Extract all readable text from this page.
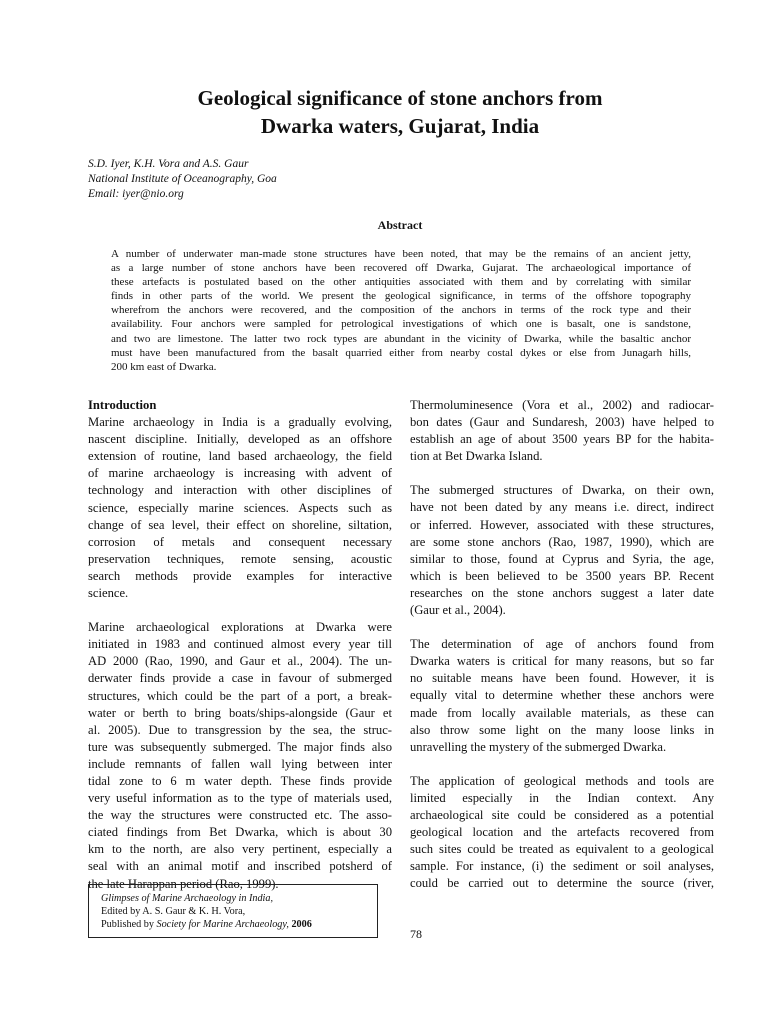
Geological significance of stone anchors from
Dwarka waters, Gujarat, India
S.D. Iyer, K.H. Vora and A.S. Gaur
National Institute of Oceanography, Goa
Email: iyer@nio.org
Abstract
A number of underwater man-made stone structures have been noted, that may be the remains of an ancient jetty,
as a large number of stone anchors have been recovered off Dwarka, Gujarat. The archaeological importance of
these artefacts is postulated based on the other antiquities associated with them and by correlating with similar
finds in other parts of the world. We present the geological significance, in terms of the offshore topography
wherefrom the anchors were recovered, and the composition of the anchors in terms of the rock type and their
availability. Four anchors were sampled for petrological investigations of which one is basalt, one is sandstone,
and two are limestone. The latter two rock types are abundant in the vicinity of Dwarka, while the basaltic anchor
must have been manufactured from the basalt quarried either from nearby costal dykes or else from Junagarh hills,
200 km east of Dwarka.
Introduction
Marine archaeology in India is a gradually evolving,
nascent discipline. Initially, developed as an offshore
extension of routine, land based archaeology, the field
of marine archaeology is increasing with advent of
technology and interaction with other disciplines of
science, especially marine sciences. Aspects such as
change of sea level, their effect on shoreline, siltation,
corrosion of metals and consequent necessary
preservation techniques, remote sensing, acoustic
search methods provide examples for interactive
science.
Marine archaeological explorations at Dwarka were
initiated in 1983 and continued almost every year till
AD 2000 (Rao, 1990, and Gaur et al., 2004). The un-
derwater finds provide a case in favour of submerged
structures, which could be the part of a port, a break-
water or berth to bring boats/ships-alongside (Gaur et
al. 2005). Due to transgression by the sea, the struc-
ture was subsequently submerged. The major finds also
include remnants of fallen wall lying between inter
tidal zone to 6 m water depth. These finds provide
very useful information as to the type of materials used,
the way the structures were constructed etc. The asso-
ciated findings from Bet Dwarka, which is about 30
km to the north, are also very pertinent, especially a
seal with an animal motif and inscribed potsherd of
the late Harappan period (Rao, 1999).
Thermoluminesence (Vora et al., 2002) and radiocar-
bon dates (Gaur and Sundaresh, 2003) have helped to
establish an age of about 3500 years BP for the habita-
tion at Bet Dwarka Island.
The submerged structures of Dwarka, on their own,
have not been dated by any means i.e. direct, indirect
or inferred. However, associated with these structures,
are some stone anchors (Rao, 1987, 1990), which are
similar to those, found at Cyprus and Syria, the age,
which is been believed to be 3500 years BP. Recent
researches on the stone anchors suggest a later date
(Gaur et al., 2004).
The determination of age of anchors found from
Dwarka waters is critical for many reasons, but so far
no suitable means have been found. However, it is
equally vital to determine whether these anchors were
made from locally available materials, as these can
also throw some light on the many loose links in
unravelling the mystery of the submerged Dwarka.
The application of geological methods and tools are
limited especially in the Indian context. Any
archaeological site could be considered as a potential
geological location and the artefacts recovered from
such sites could be treated as equivalent to a geological
sample. For instance, (i) the sediment or soil analyses,
could be carried out to determine the source (river,
Glimpses of Marine Archaeology in India,
Edited by A. S. Gaur & K. H. Vora,
Published by Society for Marine Archaeology, 2006
78
